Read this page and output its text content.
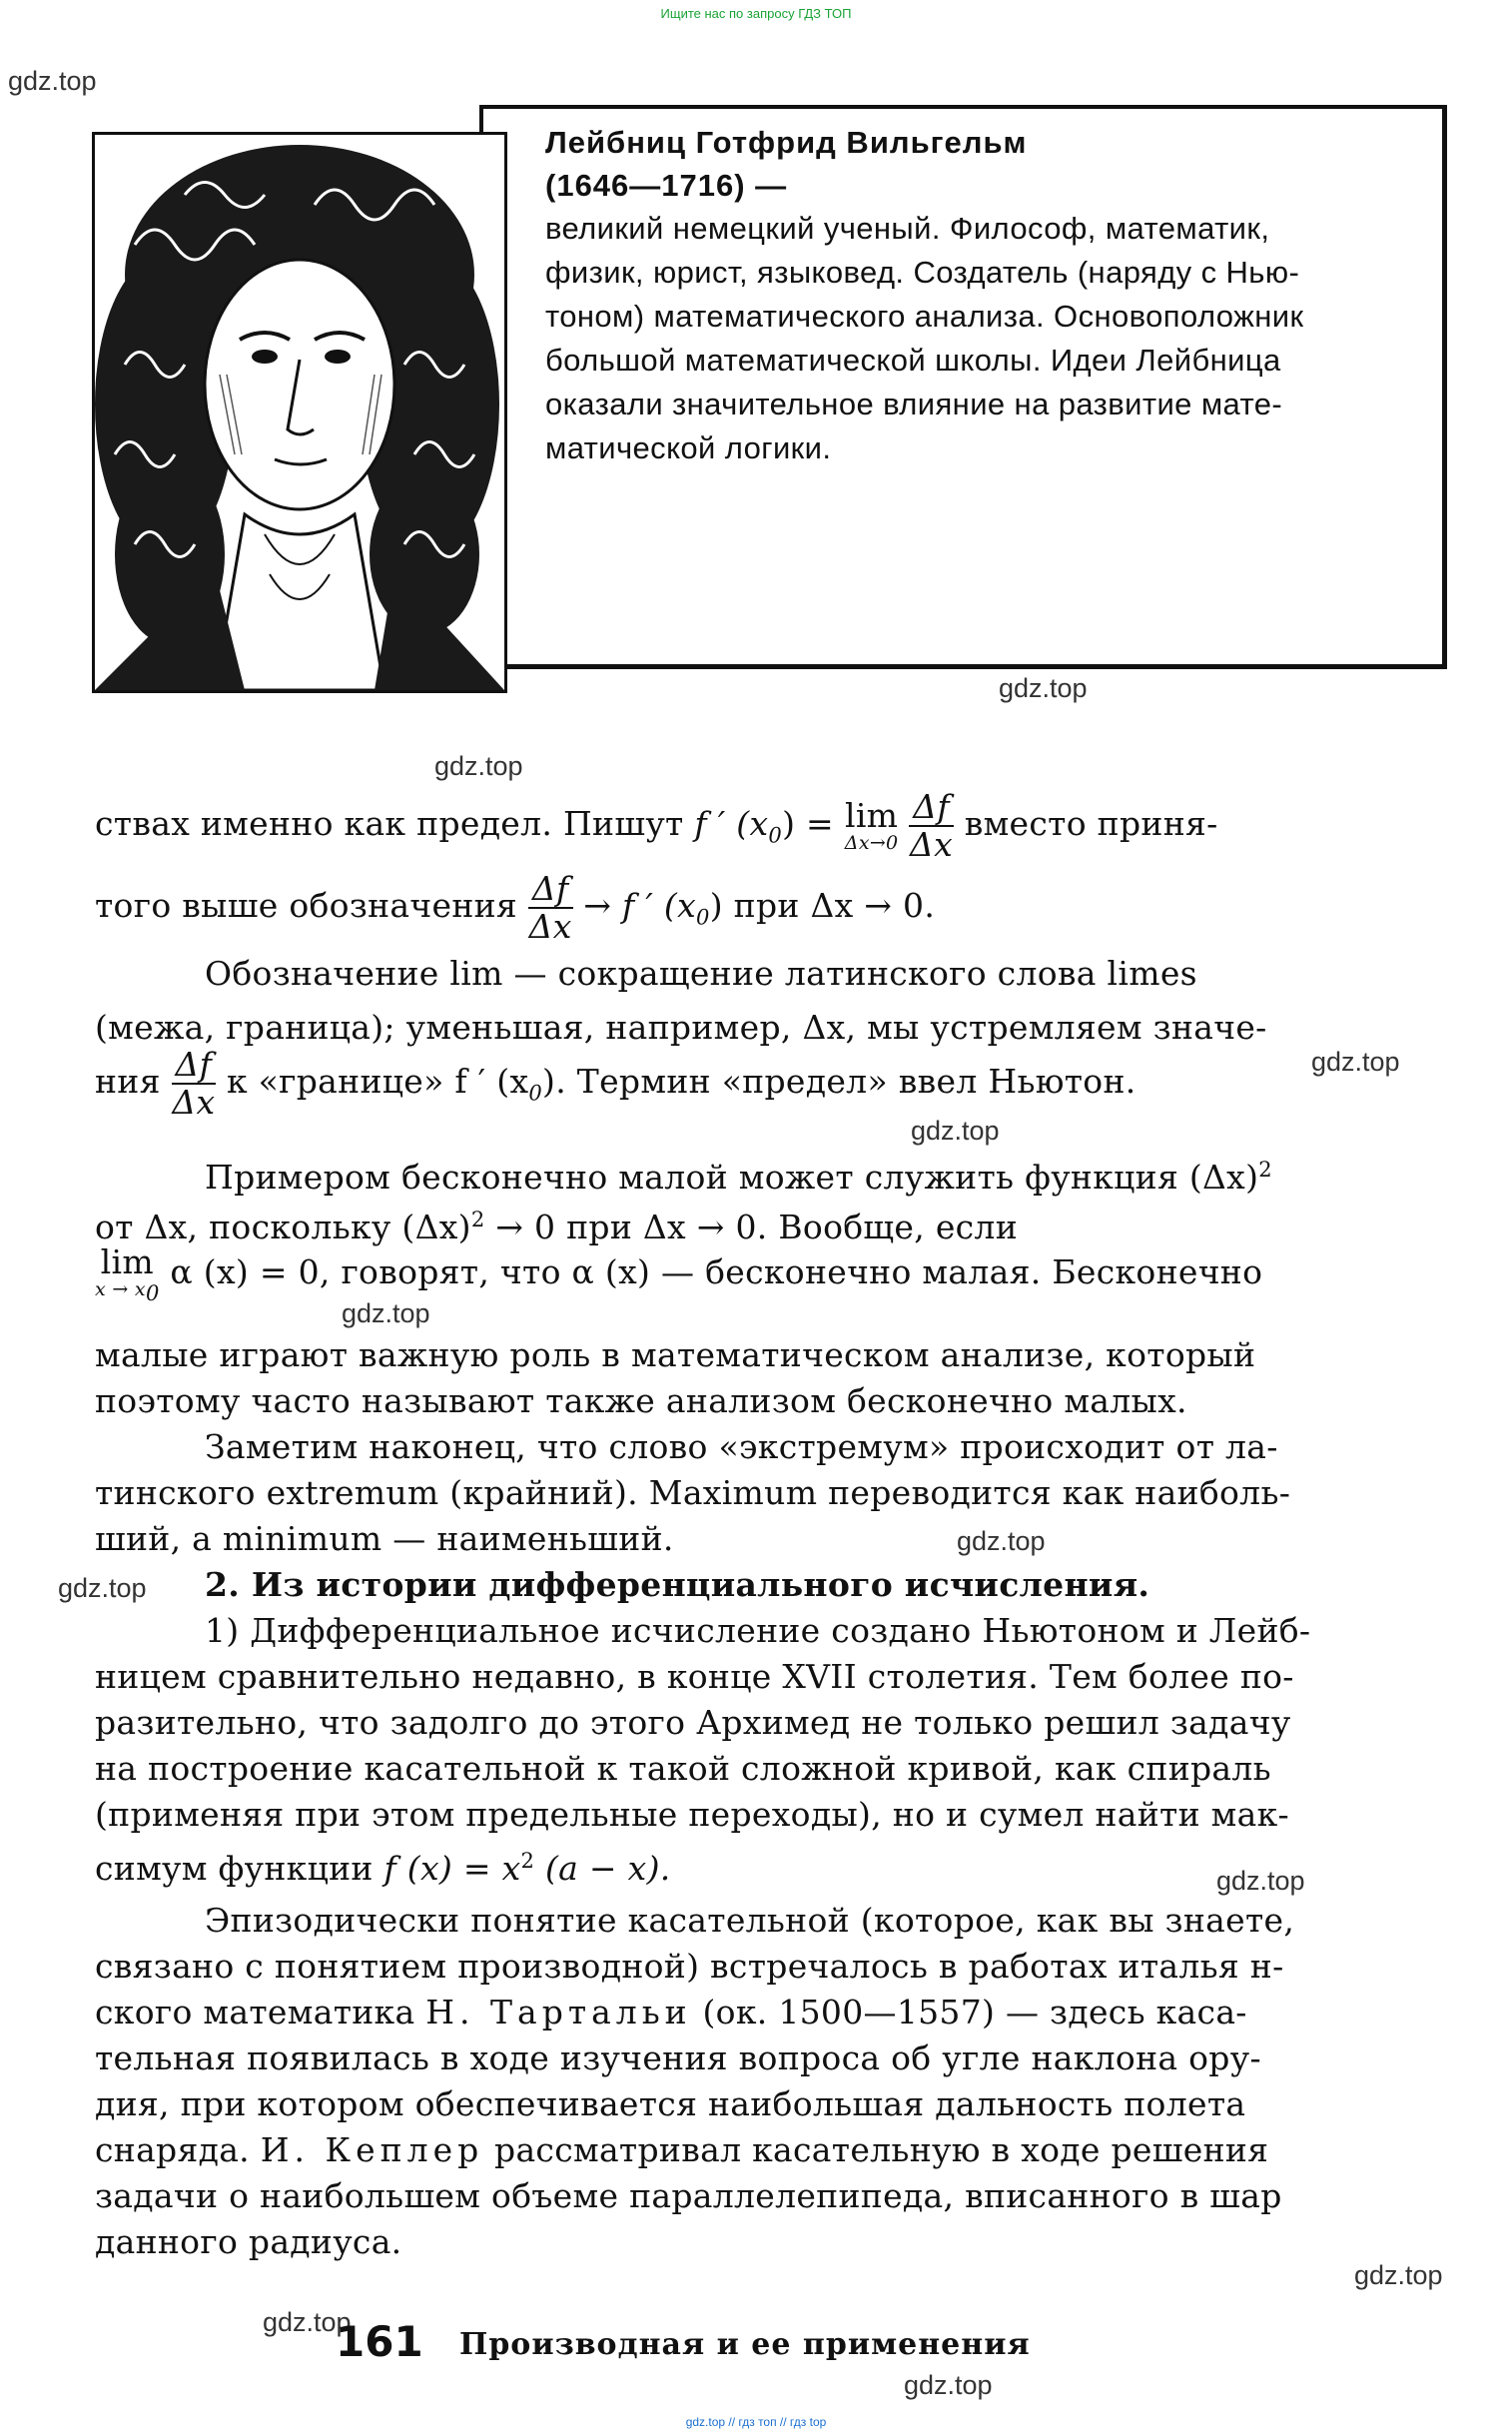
Ищите нас по запросу ГДЗ ТОП
gdz.top
gdz.top
gdz.top
gdz.top
gdz.top
gdz.top
gdz.top
gdz.top
gdz.top
gdz.top
gdz.top
gdz.top
Лейбниц Готфрид Вильгельм
(1646—1716) —
великий немецкий ученый. Философ, математик,
физик, юрист, языковед. Создатель (наряду с Нью-
тоном) математического анализа. Основоположник
большой математической школы. Идеи Лейбница
оказали значительное влияние на развитие мате-
матической логики.
ствах именно как предел. Пишут f ′ $(x_0) = \lim$
Δx→0
$\frac{\Delta f}{\Delta x}$ вместо приня-
того выше обозначения $\frac{\Delta f}{\Delta x} \to f$ ′ $(x_0)$ при Δx → 0.
Обозначение lim — сокращение латинского слова limes
(межа, граница); уменьшая, например, Δx, мы устремляем значе-
ния $\frac{\Delta f}{\Delta x}$ к «границе» f ′ $(x_0)$. Термин «предел» ввел Ньютон.
Примером бесконечно малой может служить функция $(\Delta x)^2$
от Δx, поскольку $(\Delta x)^2 \to 0$ при Δx → 0. Вообще, если
lim
$x \to x_0$
α (x) = 0, говорят, что α (x) — бесконечно малая. Бесконечно
малые играют важную роль в математическом анализе, который
поэтому часто называют также анализом бесконечно малых.
Заметим наконец, что слово «экстремум» происходит от ла-
тинского extremum (крайний). Maximum переводится как наиболь-
ший, а minimum — наименьший.
2. Из истории дифференциального исчисления.
1) Дифференциальное исчисление создано Ньютоном и Лейб-
ницем сравнительно недавно, в конце XVII столетия. Тем более по-
разительно, что задолго до этого Архимед не только решил задачу
на построение касательной к такой сложной кривой, как спираль
(применяя при этом предельные переходы), но и сумел найти мак-
симум функции f $(x) = x^2$ (a − x).
Эпизодически понятие касательной (которое, как вы знаете,
связано с понятием производной) встречалось в работах италья н-
ского математика Н. Тартальи (ок. 1500—1557) — здесь каса-
тельная появилась в ходе изучения вопроса об угле наклона ору-
дия, при котором обеспечивается наибольшая дальность полета
снаряда. И. Кеплер рассматривал касательную в ходе решения
задачи о наибольшем объеме параллелепипеда, вписанного в шар
данного радиуса.
161 Производная и ее применения
gdz.top // гдз топ // гдз top
